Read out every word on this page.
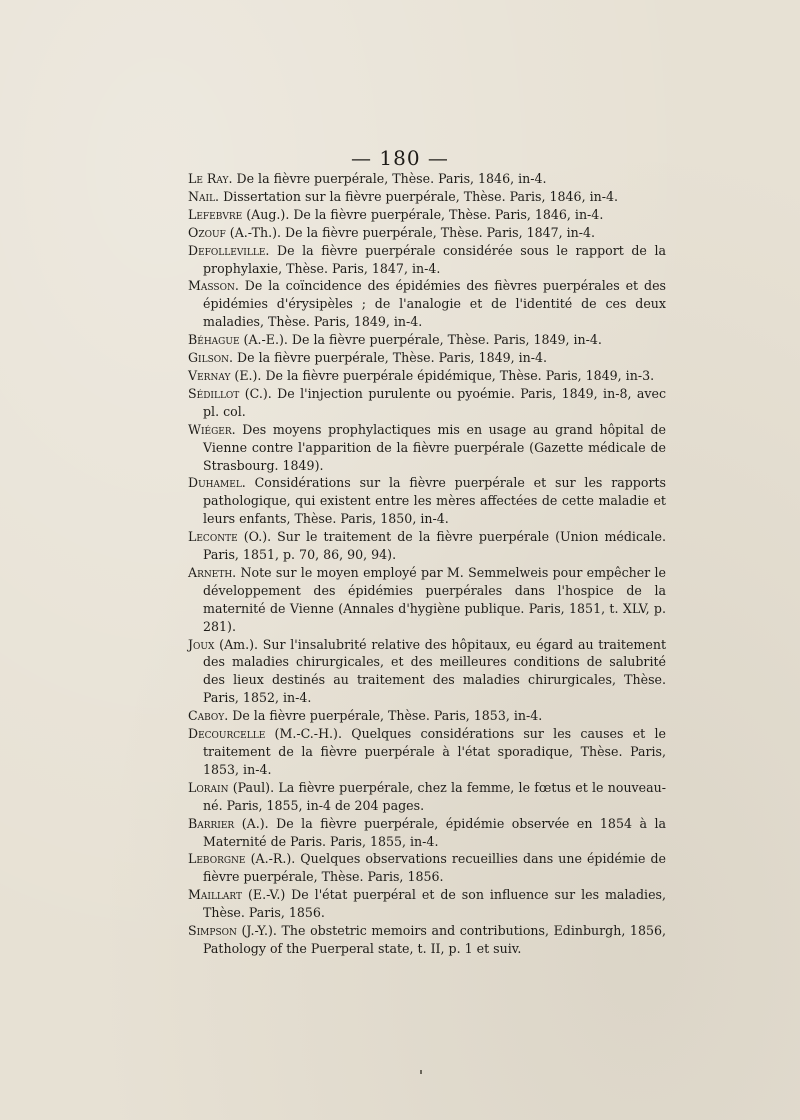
— 180 —

Le Ray. De la fièvre puerpérale, Thèse. Paris, 1846, in-4.

Nail. Dissertation sur la fièvre puerpérale, Thèse. Paris, 1846, in-4.

Lefebvre (Aug.). De la fièvre puerpérale, Thèse. Paris, 1846, in-4.

Ozouf (A.-Th.). De la fièvre puerpérale, Thèse. Paris, 1847, in-4.

Defolleville. De la fièvre puerpérale considérée sous le rapport de la prophylaxie, Thèse. Paris, 1847, in-4.

Masson. De la coïncidence des épidémies des fièvres puerpérales et des épidémies d'érysipèles ; de l'analogie et de l'identité de ces deux maladies, Thèse. Paris, 1849, in-4.

Béhague (A.-E.). De la fièvre puerpérale, Thèse. Paris, 1849, in-4.

Gilson. De la fièvre puerpérale, Thèse. Paris, 1849, in-4.

Vernay (E.). De la fièvre puerpérale épidémique, Thèse. Paris, 1849, in-3.

Sédillot (C.). De l'injection purulente ou pyoémie. Paris, 1849, in-8, avec pl. col.

Wiéger. Des moyens prophylactiques mis en usage au grand hôpital de Vienne contre l'apparition de la fièvre puerpérale (Gazette médicale de Strasbourg. 1849).

Duhamel. Considérations sur la fièvre puerpérale et sur les rapports pathologique, qui existent entre les mères affectées de cette maladie et leurs enfants, Thèse. Paris, 1850, in-4.

Leconte (O.). Sur le traitement de la fièvre puerpérale (Union médicale. Paris, 1851, p. 70, 86, 90, 94).

Arneth. Note sur le moyen employé par M. Semmelweis pour empêcher le développement des épidémies puerpérales dans l'hospice de la maternité de Vienne (Annales d'hygiène publique. Paris, 1851, t. XLV, p. 281).

Joux (Am.). Sur l'insalubrité relative des hôpitaux, eu égard au traitement des maladies chirurgicales, et des meilleures conditions de salubrité des lieux destinés au traitement des maladies chirurgicales, Thèse. Paris, 1852, in-4.

Caboy. De la fièvre puerpérale, Thèse. Paris, 1853, in-4.

Decourcelle (M.-C.-H.). Quelques considérations sur les causes et le traitement de la fièvre puerpérale à l'état sporadique, Thèse. Paris, 1853, in-4.

Lorain (Paul). La fièvre puerpérale, chez la femme, le fœtus et le nouveau-né. Paris, 1855, in-4 de 204 pages.

Barrier (A.). De la fièvre puerpérale, épidémie observée en 1854 à la Maternité de Paris. Paris, 1855, in-4.

Leborgne (A.-R.). Quelques observations recueillies dans une épidémie de fièvre puerpérale, Thèse. Paris, 1856.

Maillart (E.-V.) De l'état puerpéral et de son influence sur les maladies, Thèse. Paris, 1856.

Simpson (J.-Y.). The obstetric memoirs and contributions, Edinburgh, 1856, Pathology of the Puerperal state, t. II, p. 1 et suiv.
